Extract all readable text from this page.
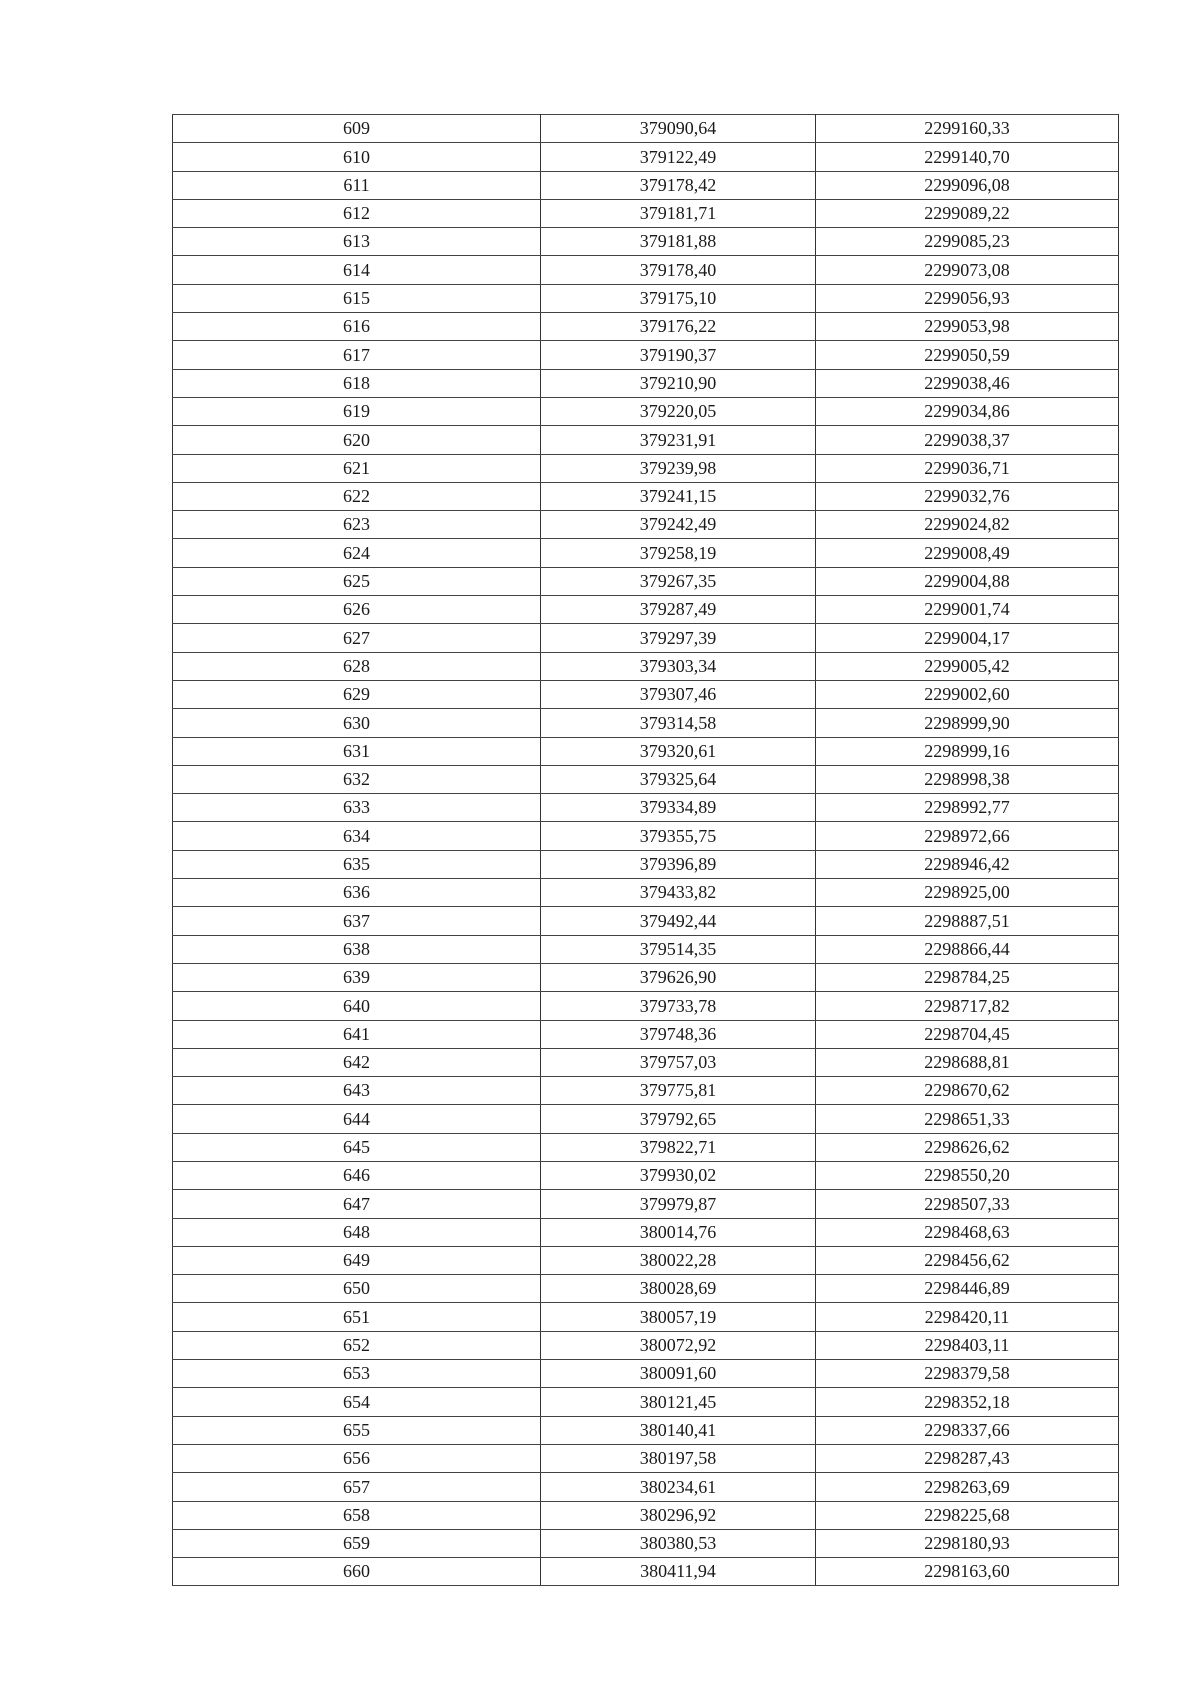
609	379090,64	2299160,33
610	379122,49	2299140,70
611	379178,42	2299096,08
612	379181,71	2299089,22
613	379181,88	2299085,23
614	379178,40	2299073,08
615	379175,10	2299056,93
616	379176,22	2299053,98
617	379190,37	2299050,59
618	379210,90	2299038,46
619	379220,05	2299034,86
620	379231,91	2299038,37
621	379239,98	2299036,71
622	379241,15	2299032,76
623	379242,49	2299024,82
624	379258,19	2299008,49
625	379267,35	2299004,88
626	379287,49	2299001,74
627	379297,39	2299004,17
628	379303,34	2299005,42
629	379307,46	2299002,60
630	379314,58	2298999,90
631	379320,61	2298999,16
632	379325,64	2298998,38
633	379334,89	2298992,77
634	379355,75	2298972,66
635	379396,89	2298946,42
636	379433,82	2298925,00
637	379492,44	2298887,51
638	379514,35	2298866,44
639	379626,90	2298784,25
640	379733,78	2298717,82
641	379748,36	2298704,45
642	379757,03	2298688,81
643	379775,81	2298670,62
644	379792,65	2298651,33
645	379822,71	2298626,62
646	379930,02	2298550,20
647	379979,87	2298507,33
648	380014,76	2298468,63
649	380022,28	2298456,62
650	380028,69	2298446,89
651	380057,19	2298420,11
652	380072,92	2298403,11
653	380091,60	2298379,58
654	380121,45	2298352,18
655	380140,41	2298337,66
656	380197,58	2298287,43
657	380234,61	2298263,69
658	380296,92	2298225,68
659	380380,53	2298180,93
660	380411,94	2298163,60
